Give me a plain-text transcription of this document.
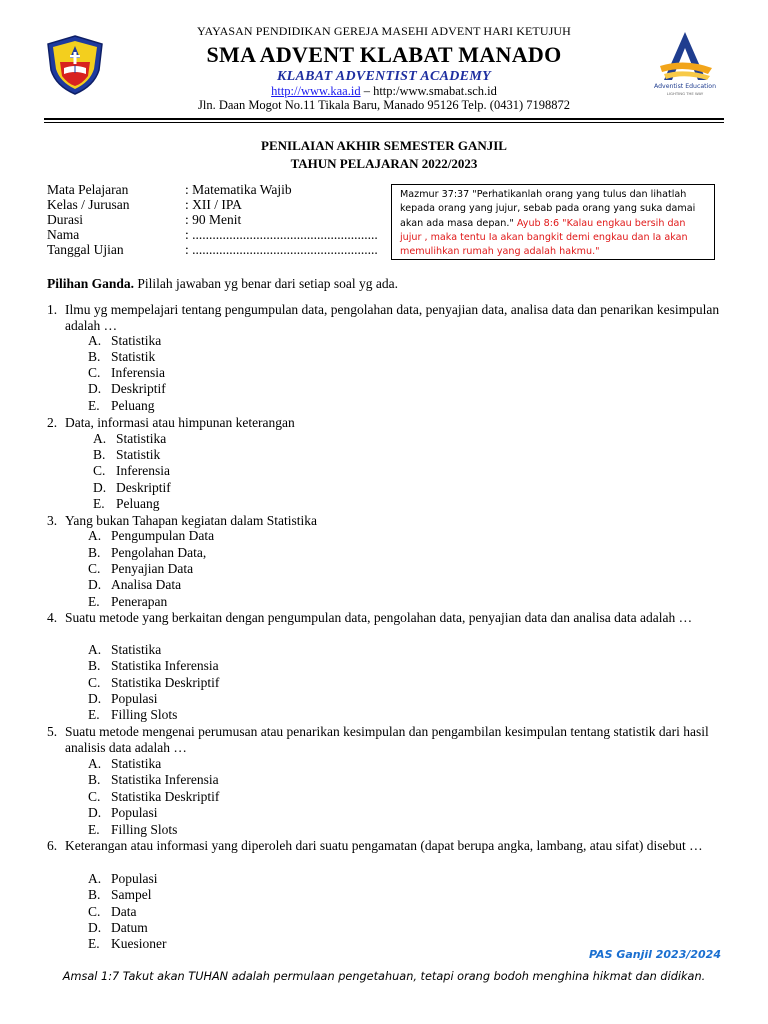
Adventist Education
LIGHTING THE WAY
YAYASAN PENDIDIKAN GEREJA MASEHI ADVENT HARI KETUJUH
SMA ADVENT KLABAT MANADO
KLABAT ADVENTIST ACADEMY
http://www.kaa.id – http:/www.smabat.sch.id
Jln. Daan Mogot No.11 Tikala Baru, Manado 95126 Telp. (0431) 7198872
PENILAIAN AKHIR SEMESTER GANJIL
TAHUN PELAJARAN 2022/2023
Mata Pelajaran	: Matematika Wajib
Kelas / Jurusan	: XII / IPA
Durasi	: 90 Menit
Nama	: .......................................................
Tanggal Ujian	: .......................................................
Mazmur 37:37 "Perhatikanlah orang yang tulus dan lihatlah kepada orang yang jujur, sebab pada orang yang suka damai akan ada masa depan." Ayub 8:6 "Kalau engkau bersih dan jujur , maka tentu Ia akan bangkit demi engkau dan Ia akan memulihkan rumah yang adalah hakmu."
Pilihan Ganda. Pililah jawaban yg benar dari setiap soal yg ada.
1. Ilmu yg mempelajari tentang pengumpulan data, pengolahan data, penyajian data, analisa data dan penarikan kesimpulan adalah …
A. Statistika
B. Statistik
C. Inferensia
D. Deskriptif
E. Peluang
2. Data, informasi atau himpunan keterangan
A. Statistika
B. Statistik
C. Inferensia
D. Deskriptif
E. Peluang
3. Yang bukan Tahapan kegiatan dalam Statistika
A. Pengumpulan Data
B. Pengolahan Data,
C. Penyajian Data
D. Analisa Data
E. Penerapan
4. Suatu metode yang berkaitan dengan pengumpulan data, pengolahan data, penyajian data dan analisa data adalah …
A. Statistika
B. Statistika Inferensia
C. Statistika Deskriptif
D. Populasi
E. Filling Slots
5. Suatu metode mengenai perumusan atau penarikan kesimpulan dan pengambilan kesimpulan tentang statistik dari hasil analisis data adalah …
A. Statistika
B. Statistika Inferensia
C. Statistika Deskriptif
D. Populasi
E. Filling Slots
6. Keterangan atau informasi yang diperoleh dari suatu pengamatan (dapat berupa angka, lambang, atau sifat) disebut …
A. Populasi
B. Sampel
C. Data
D. Datum
E. Kuesioner
PAS Ganjil 2023/2024
Amsal 1:7 Takut akan TUHAN adalah permulaan pengetahuan, tetapi orang bodoh menghina hikmat dan didikan.
